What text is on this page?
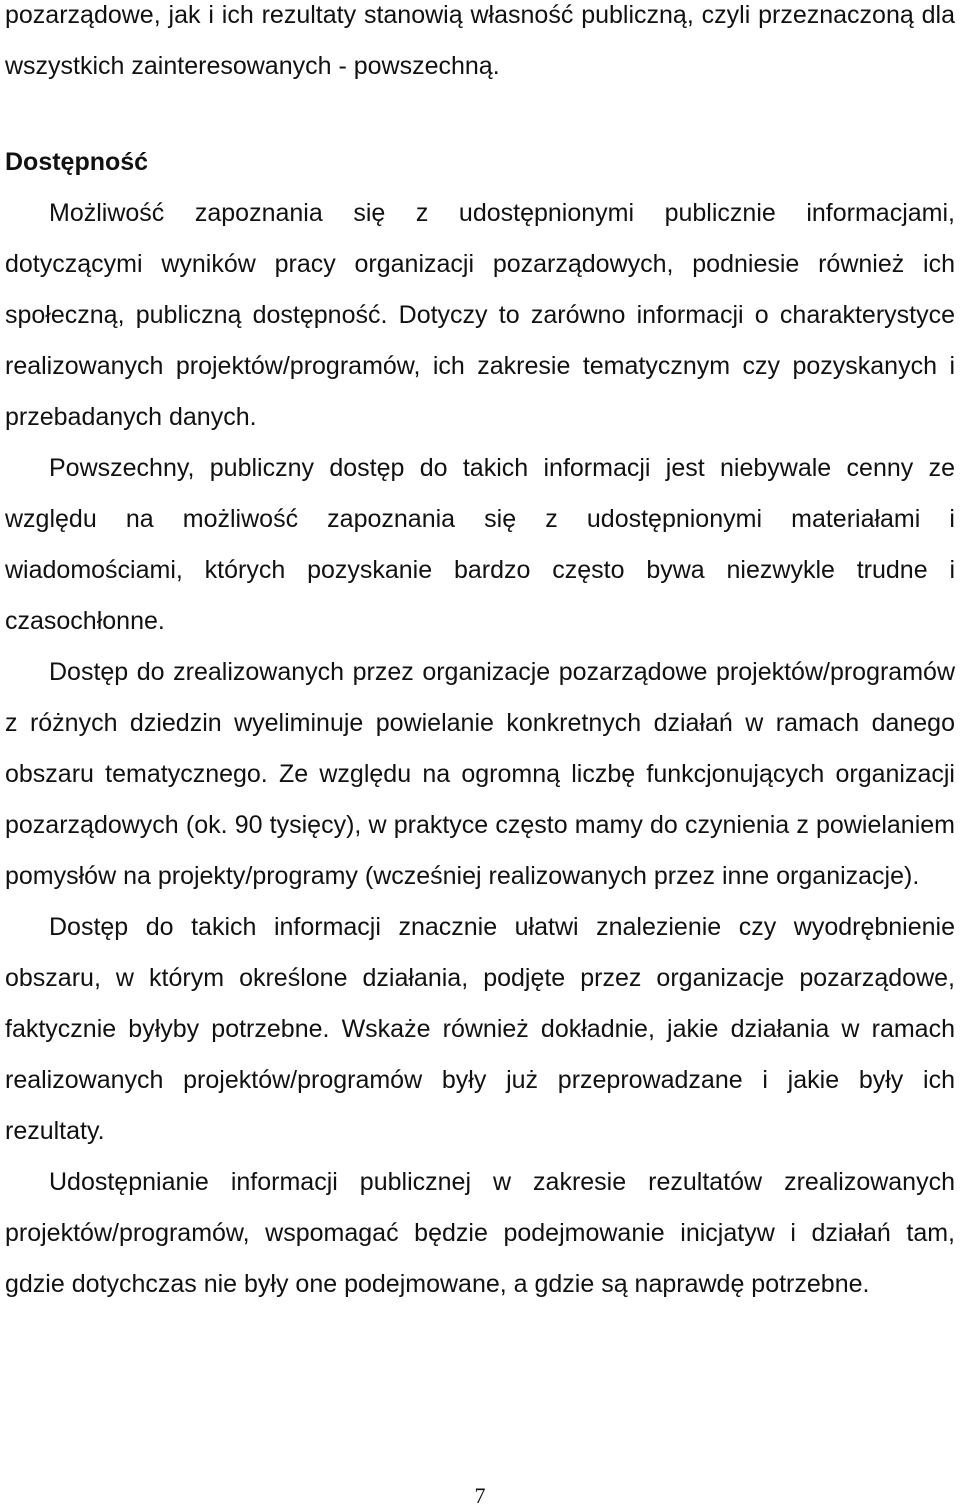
pozarządowe, jak i ich rezultaty stanowią własność publiczną, czyli przeznaczoną dla wszystkich zainteresowanych - powszechną.

Dostępność

Możliwość zapoznania się z udostępnionymi publicznie informacjami, dotyczącymi wyników pracy organizacji pozarządowych, podniesie również ich społeczną, publiczną dostępność. Dotyczy to zarówno informacji o charakterystyce realizowanych projektów/programów, ich zakresie tematycznym czy pozyskanych i przebadanych danych.

Powszechny, publiczny dostęp do takich informacji jest niebywale cenny ze względu na możliwość zapoznania się z udostępnionymi materiałami i wiadomościami, których pozyskanie bardzo często bywa niezwykle trudne i czasochłonne.

Dostęp do zrealizowanych przez organizacje pozarządowe projektów/programów z różnych dziedzin wyeliminuje powielanie konkretnych działań w ramach danego obszaru tematycznego. Ze względu na ogromną liczbę funkcjonujących organizacji pozarządowych (ok. 90 tysięcy), w praktyce często mamy do czynienia z powielaniem pomysłów na projekty/programy (wcześniej realizowanych przez inne organizacje).

Dostęp do takich informacji znacznie ułatwi znalezienie czy wyodrębnienie obszaru, w którym określone działania, podjęte przez organizacje pozarządowe, faktycznie byłyby potrzebne. Wskaże również dokładnie, jakie działania w ramach realizowanych projektów/programów były już przeprowadzane i jakie były ich rezultaty.

Udostępnianie informacji publicznej w zakresie rezultatów zrealizowanych projektów/programów, wspomagać będzie podejmowanie inicjatyw i działań tam, gdzie dotychczas nie były one podejmowane, a gdzie są naprawdę potrzebne.

7
